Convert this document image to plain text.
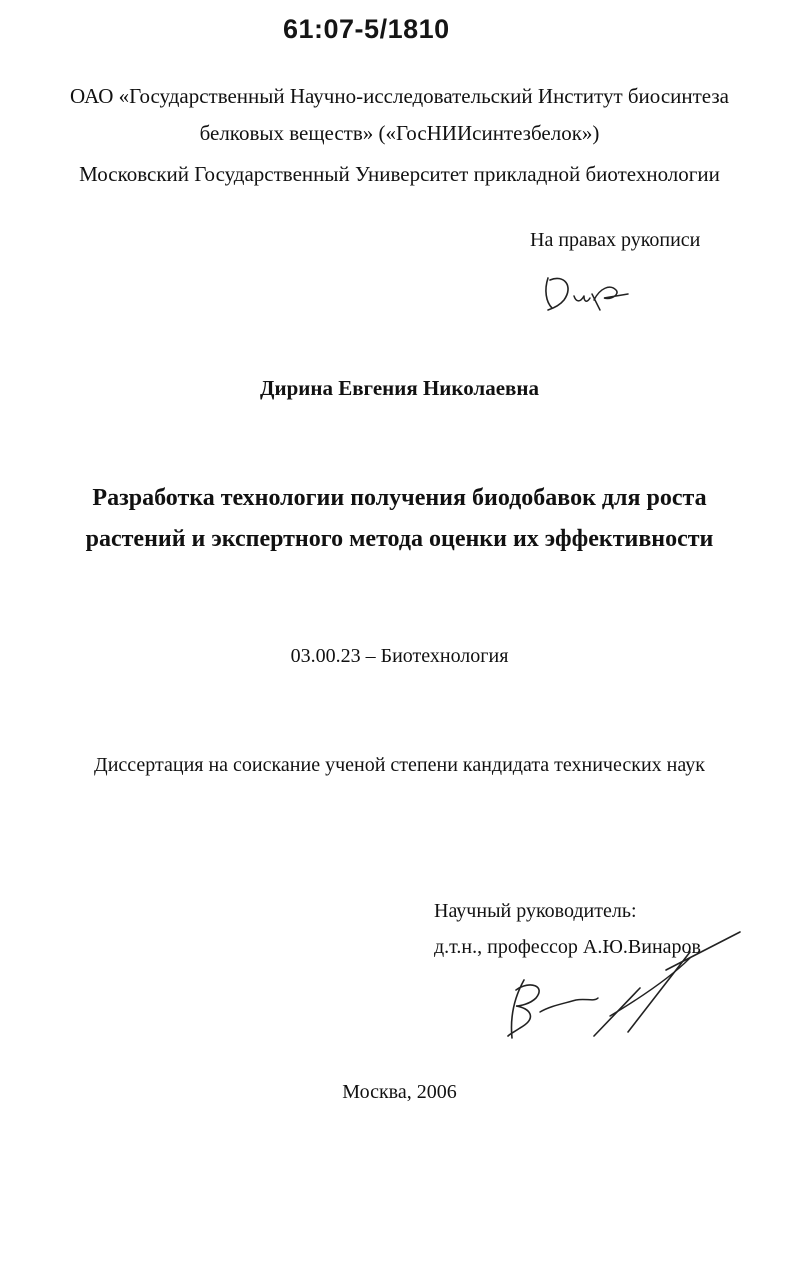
61:07-5/1810
ОАО «Государственный Научно-исследовательский Институт биосинтеза
белковых веществ» («ГосНИИсинтезбелок»)
Московский Государственный Университет прикладной биотехнологии
На правах рукописи
Дирина Евгения Николаевна
Разработка технологии получения биодобавок для роста
растений и экспертного метода оценки их эффективности
03.00.23 – Биотехнология
Диссертация на соискание ученой степени кандидата технических наук
Научный руководитель:
д.т.н., профессор А.Ю.Винаров
Москва, 2006
